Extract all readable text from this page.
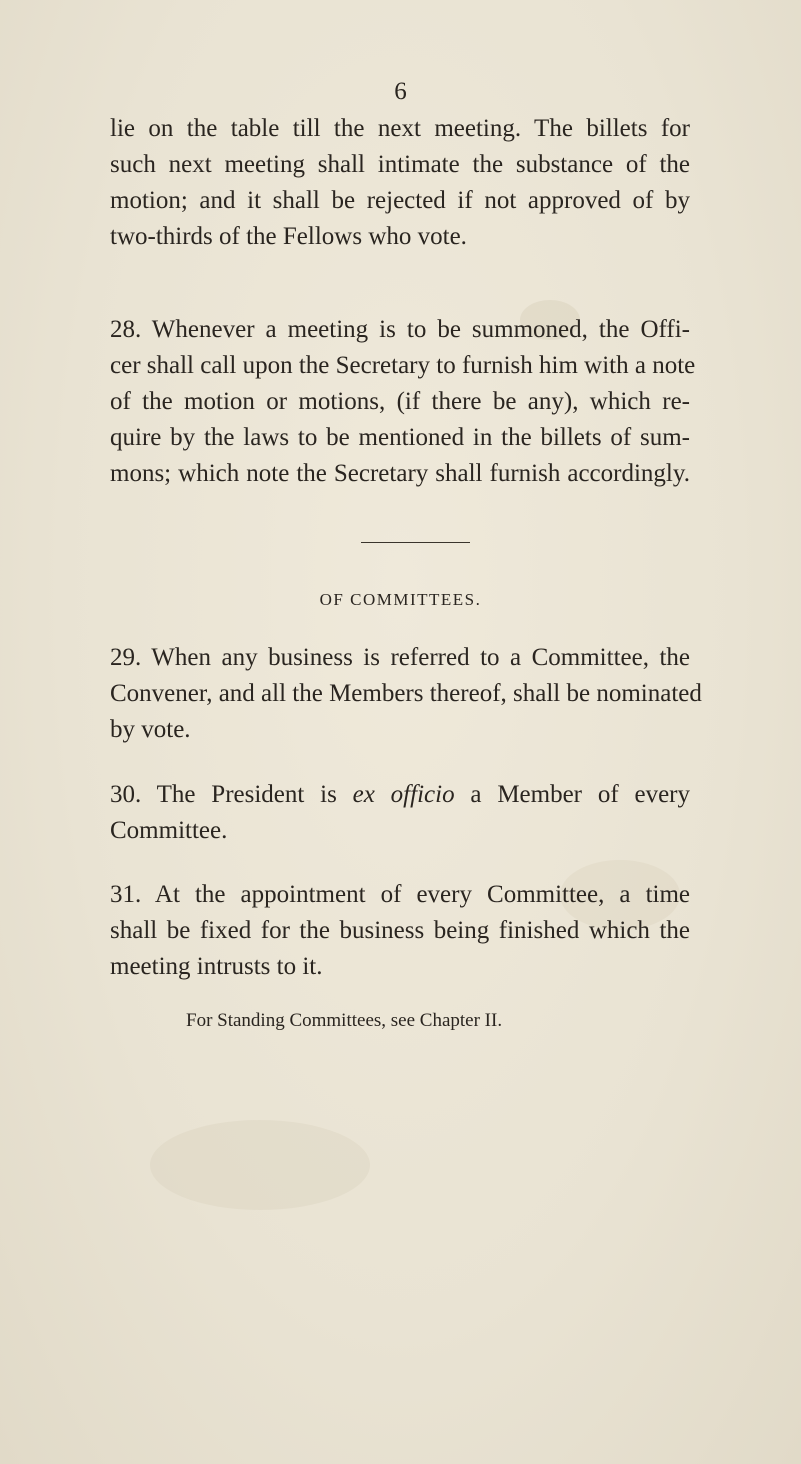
6

lie on the table till the next meeting. The billets for
such next meeting shall intimate the substance of the
motion; and it shall be rejected if not approved of by
two-thirds of the Fellows who vote.

28. Whenever a meeting is to be summoned, the Offi-
cer shall call upon the Secretary to furnish him with a note
of the motion or motions, (if there be any), which re-
quire by the laws to be mentioned in the billets of sum-
mons; which note the Secretary shall furnish accordingly.

OF COMMITTEES.

29. When any business is referred to a Committee, the
Convener, and all the Members thereof, shall be nominated
by vote.

30. The President is ex officio a Member of every
Committee.

31. At the appointment of every Committee, a time
shall be fixed for the business being finished which the
meeting intrusts to it.

For Standing Committees, see Chapter II.
